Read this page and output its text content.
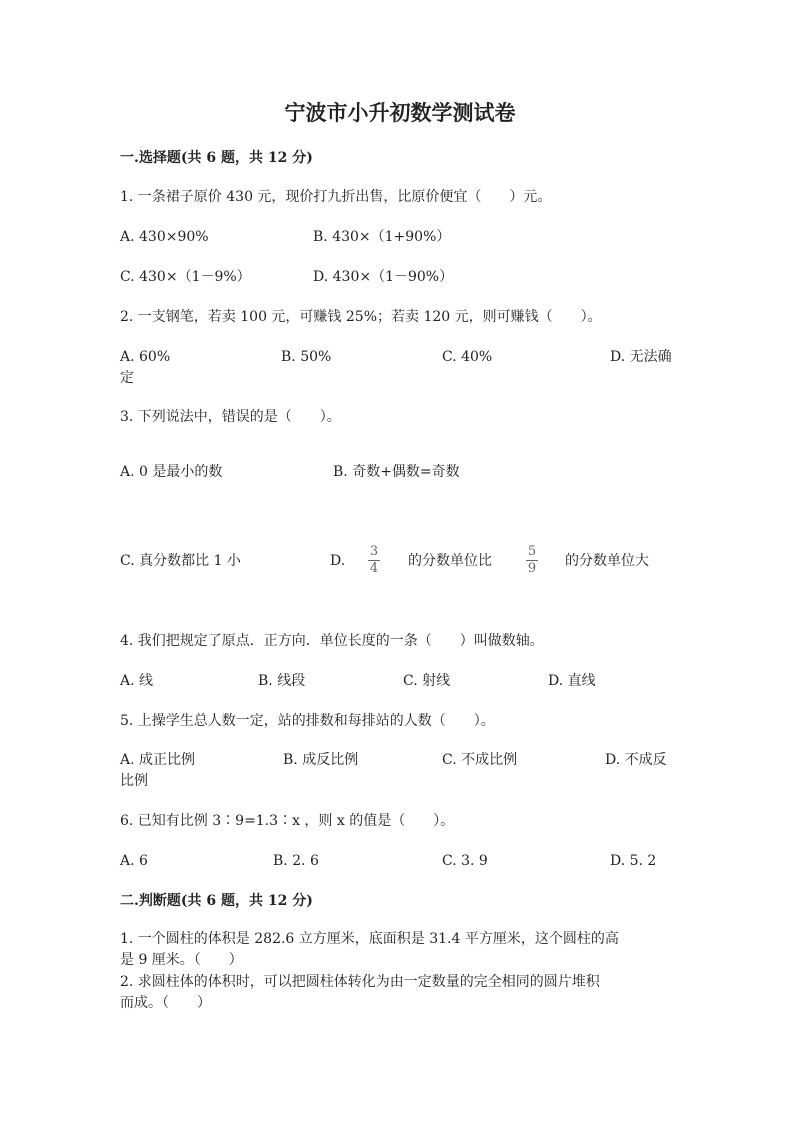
宁波市小升初数学测试卷
一.选择题(共 6 题，共 12 分)
1. 一条裙子原价 430 元，现价打九折出售，比原价便宜（　　）元。
A. 430×90%	B. 430×（1+90%）
C. 430×（1－9%）	D. 430×（1－90%）
2. 一支钢笔，若卖 100 元，可赚钱 25%；若卖 120 元，则可赚钱（　　）。
A. 60%	B. 50%	C. 40%	D. 无法确
定
3. 下列说法中，错误的是（　　）。
A. 0 是最小的数	B. 奇数+偶数=奇数
C. 真分数都比 1 小	D.
3
4 的分数单位比
5
9 的分数单位大
4. 我们把规定了原点．正方向．单位长度的一条（　　）叫做数轴。
A. 线	B. 线段	C. 射线	D. 直线
5. 上操学生总人数一定，站的排数和每排站的人数（　　）。
A. 成正比例	B. 成反比例	C. 不成比例	D. 不成反
比例
6. 已知有比例 3∶9=1.3∶x ，则 x 的值是（　　）。
A. 6	B. 2. 6	C. 3. 9	D. 5. 2
二.判断题(共 6 题，共 12 分)
1. 一个圆柱的体积是 282.6 立方厘米，底面积是 31.4 平方厘米，这个圆柱的高
是 9 厘米。（　　）
2. 求圆柱体的体积时，可以把圆柱体转化为由一定数量的完全相同的圆片堆积
而成。（　　）
